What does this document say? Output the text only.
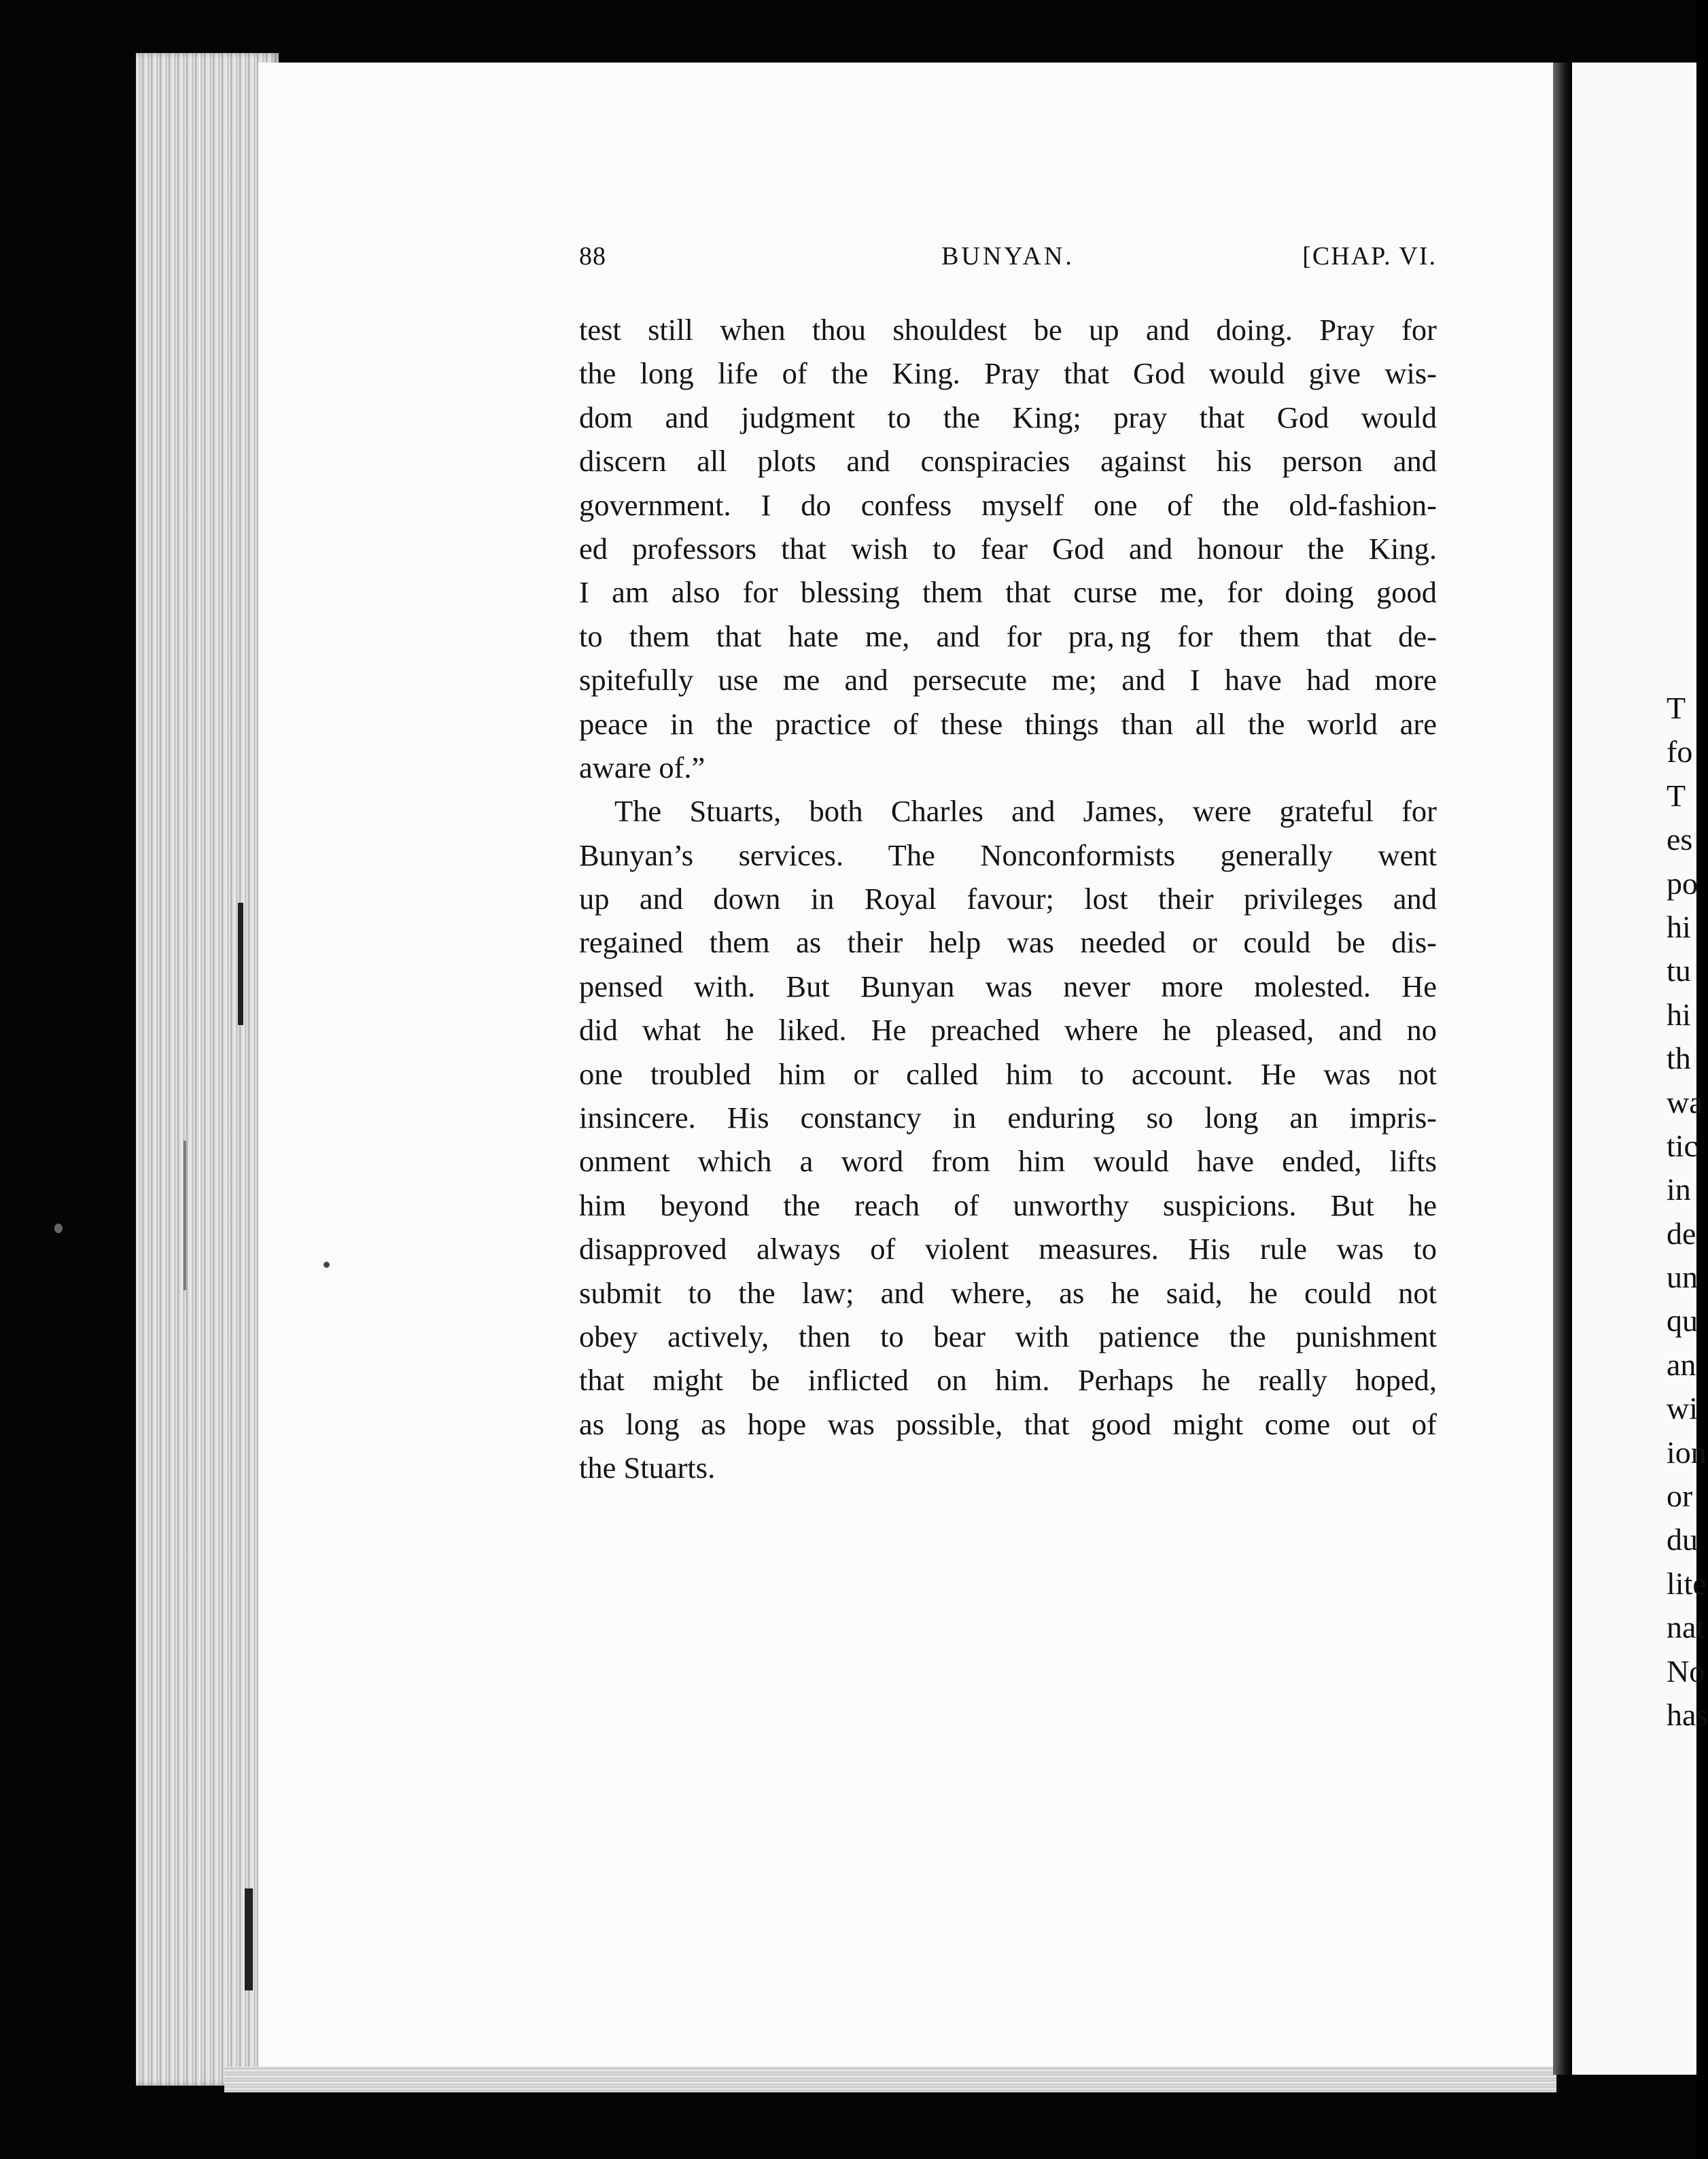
T
fo
T
es
po
hi
tu
hi
th
wa
tic
in
de
un
qu
an
wi
ion
or
du
lite
nat
No
has
BUNYAN.
88	[CHAP. VI.
test still when thou shouldest be up and doing. Pray for
the long life of the King. Pray that God would give wis-
dom and judgment to the King; pray that God would
discern all plots and conspiracies against his person and
government. I do confess myself one of the old-fashion-
ed professors that wish to fear God and honour the King.
I am also for blessing them that curse me, for doing good
to them that hate me, and for pra, ng for them that de-
spitefully use me and persecute me; and I have had more
peace in the practice of these things than all the world are
aware of.”
The Stuarts, both Charles and James, were grateful for
Bunyan’s services. The Nonconformists generally went
up and down in Royal favour; lost their privileges and
regained them as their help was needed or could be dis-
pensed with. But Bunyan was never more molested. He
did what he liked. He preached where he pleased, and no
one troubled him or called him to account. He was not
insincere. His constancy in enduring so long an impris-
onment which a word from him would have ended, lifts
him beyond the reach of unworthy suspicions. But he
disapproved always of violent measures. His rule was to
submit to the law; and where, as he said, he could not
obey actively, then to bear with patience the punishment
that might be inflicted on him. Perhaps he really hoped,
as long as hope was possible, that good might come out of
the Stuarts.
